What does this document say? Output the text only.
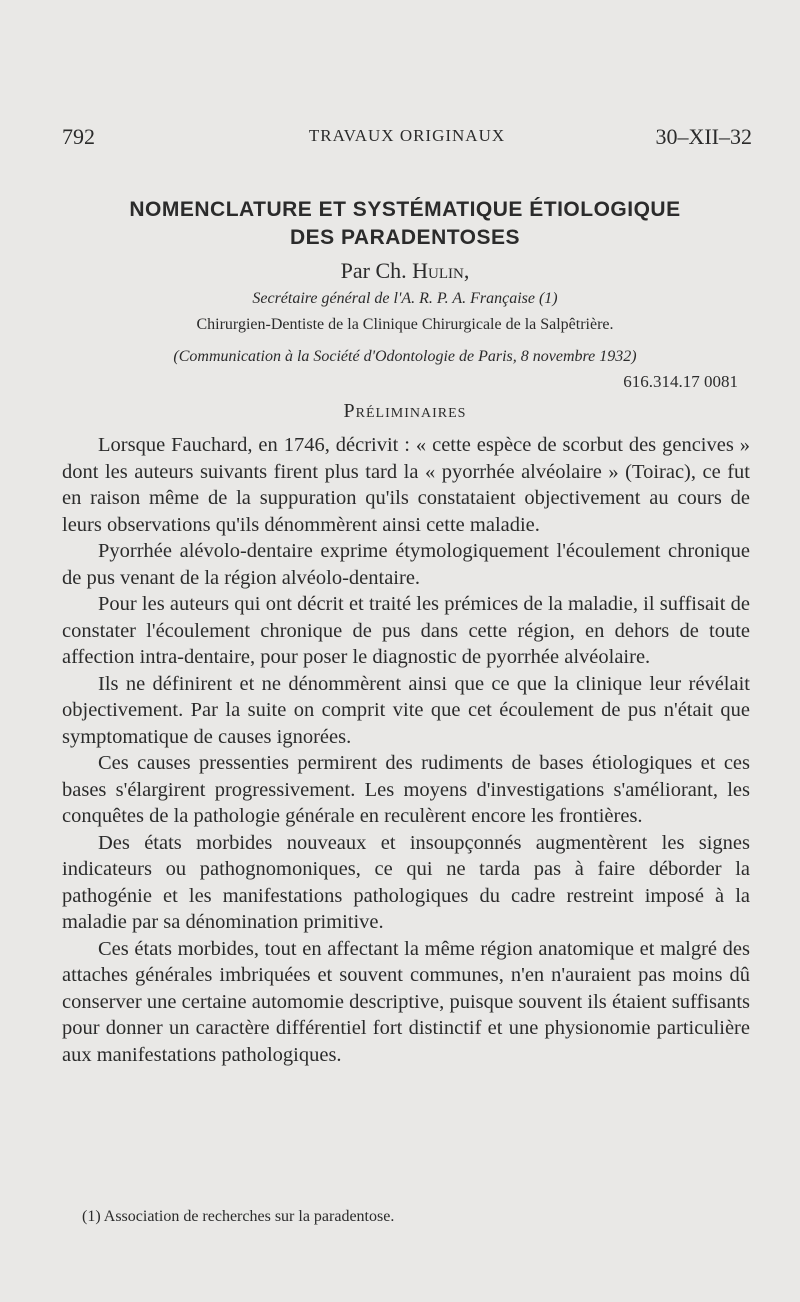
792	TRAVAUX ORIGINAUX	30–XII–32
NOMENCLATURE ET SYSTÉMATIQUE ÉTIOLOGIQUE
DES PARADENTOSES
Par Ch. Hulin,
Secrétaire général de l'A. R. P. A. Française (1)
Chirurgien-Dentiste de la Clinique Chirurgicale de la Salpêtrière.
(Communication à la Société d'Odontologie de Paris, 8 novembre 1932)
616.314.17 0081
Préliminaires

Lorsque Fauchard, en 1746, décrivit : « cette espèce de scorbut des gencives » dont les auteurs suivants firent plus tard la « pyorrhée alvéolaire » (Toirac), ce fut en raison même de la suppuration qu'ils constataient objectivement au cours de leurs observations qu'ils dénommèrent ainsi cette maladie.

Pyorrhée alévolo-dentaire exprime étymologiquement l'écoulement chronique de pus venant de la région alvéolo-dentaire.

Pour les auteurs qui ont décrit et traité les prémices de la maladie, il suffisait de constater l'écoulement chronique de pus dans cette région, en dehors de toute affection intra-dentaire, pour poser le diagnostic de pyorrhée alvéolaire.

Ils ne définirent et ne dénommèrent ainsi que ce que la clinique leur révélait objectivement. Par la suite on comprit vite que cet écoulement de pus n'était que symptomatique de causes ignorées.

Ces causes pressenties permirent des rudiments de bases étiologiques et ces bases s'élargirent progressivement. Les moyens d'investigations s'améliorant, les conquêtes de la pathologie générale en reculèrent encore les frontières.

Des états morbides nouveaux et insoupçonnés augmentèrent les signes indicateurs ou pathognomoniques, ce qui ne tarda pas à faire déborder la pathogénie et les manifestations pathologiques du cadre restreint imposé à la maladie par sa dénomination primitive.

Ces états morbides, tout en affectant la même région anatomique et malgré des attaches générales imbriquées et souvent communes, n'en n'auraient pas moins dû conserver une certaine automomie descriptive, puisque souvent ils étaient suffisants pour donner un caractère différentiel fort distinctif et une physionomie particulière aux manifestations pathologiques.

(1) Association de recherches sur la paradentose.
